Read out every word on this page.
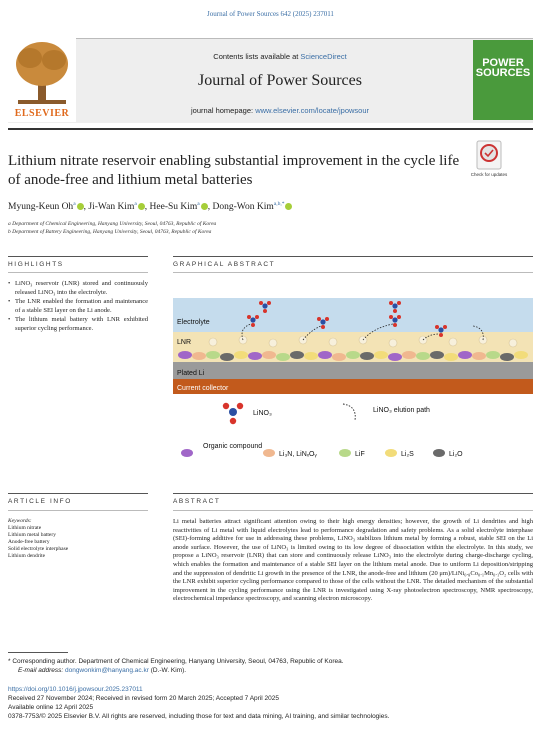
Journal of Power Sources 642 (2025) 237011
ELSEVIER
Contents lists available at ScienceDirect
Journal of Power Sources
journal homepage: www.elsevier.com/locate/jpowsour
POWER SOURCES
Lithium nitrate reservoir enabling substantial improvement in the cycle life of anode-free and lithium metal batteries	Check for updates
Myung-Keun Oh$^a$ , Ji-Wan Kim$^a$ , Hee-Su Kim$^a$ , Dong-Won Kim$^{a,b,*}$
a Department of Chemical Engineering, Hanyang University, Seoul, 04763, Republic of Korea
b Department of Battery Engineering, Hanyang University, Seoul, 04763, Republic of Korea
HIGHLIGHTS	GRAPHICAL ABSTRACT
• LiNO₃ reservoir (LNR) stored and continuously released LiNO₃ into the electrolyte.
• The LNR enabled the formation and maintenance of a stable SEI layer on the Li anode.
• The lithium metal battery with LNR exhibited superior cycling performance.
Electrolyte
LNR
Plated Li
Current collector
LiNO₃	LiNO₃ elution path
Organic compound
Li₃N, LiNₓOᵧ	LiF	Li₂S	Li₂O
ARTICLE INFO	ABSTRACT
Keywords:
Lithium nitrate
Lithium metal battery
Anode-free battery
Solid electrolyte interphase
Lithium dendrite
Li metal batteries attract significant attention owing to their high energy densities; however, the growth of Li dendrites and high reactivities of Li metal with liquid electrolytes lead to performance degradation and safety problems. As a solid electrolyte interphase (SEI)-forming additive for use in addressing these problems, LiNO₃ stabilizes lithium metal by forming a robust, stable SEI on the Li anode surface. However, the use of LiNO₃ is limited owing to its low degree of dissociation within the electrolyte. In this study, we propose a LiNO₃ reservoir (LNR) that can store and continuously release LiNO₃ into the electrolyte during charge-discharge cycling, which enables the formation and maintenance of a stable SEI layer on the lithium metal anode. Due to uniform Li deposition/stripping and the suppression of dendritic Li growth in the presence of the LNR, the anode-free and lithium (20 μm)/LiNi₀.₈Co₀.₁Mn₀.₁O₂ cells with the LNR exhibit superior cycling performance compared to those of the cells without the LNR. The detailed mechanism of the substantial improvement in the cycling performance using the LNR is investigated using X-ray photoelectron spectroscopy, NMR spectroscopy, electrochemical impedance spectroscopy, and scanning electron microscopy.
* Corresponding author. Department of Chemical Engineering, Hanyang University, Seoul, 04763, Republic of Korea.
E-mail address: dongwonkim@hanyang.ac.kr (D.-W. Kim).
https://doi.org/10.1016/j.jpowsour.2025.237011
Received 27 November 2024; Received in revised form 20 March 2025; Accepted 7 April 2025
Available online 12 April 2025
0378-7753/© 2025 Elsevier B.V. All rights are reserved, including those for text and data mining, AI training, and similar technologies.
